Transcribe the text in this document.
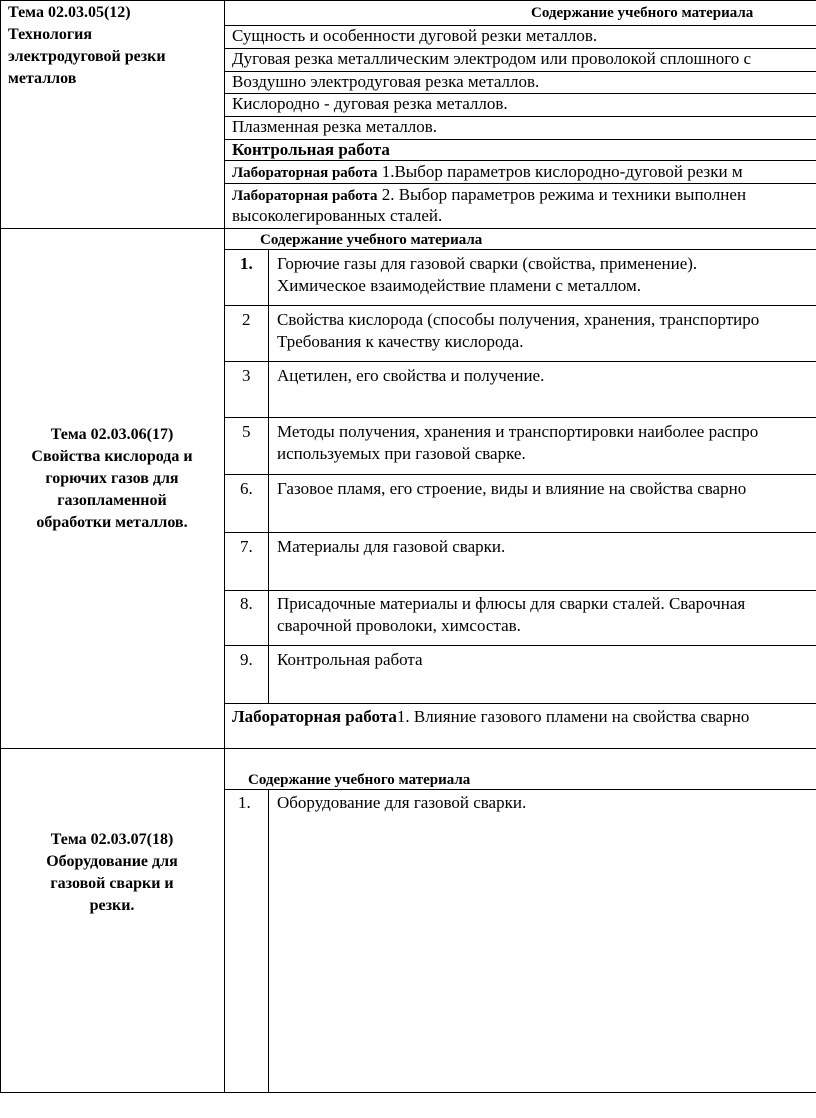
Тема 02.03.05(12)
Технология
электродуговой резки
металлов
Содержание учебного материала
Сущность и особенности дуговой резки металлов.
Дуговая резка металлическим электродом или проволокой сплошного с
Воздушно электродуговая резка металлов.
Кислородно - дуговая резка металлов.
Плазменная резка металлов.
Контрольная работа
Лабораторная работа 1.Выбор параметров кислородно-дуговой резки м
Лабораторная работа 2. Выбор параметров режима и техники выполнен
высоколегированных сталей.
Тема 02.03.06(17)
Свойства кислорода и
горючих газов для
газопламенной
обработки металлов.
Содержание учебного материала
1. Горючие газы для газовой сварки (свойства, применение).
Химическое взаимодействие пламени с металлом.
2 Свойства кислорода (способы получения, хранения, транспортиро
Требования к качеству кислорода.
3 Ацетилен, его свойства и получение.
5 Методы получения, хранения и транспортировки наиболее распро
используемых при газовой сварке.
6. Газовое пламя, его строение, виды и влияние на свойства сварно
7. Материалы для газовой сварки.
8. Присадочные материалы и флюсы для сварки сталей. Сварочная
сварочной проволоки, химсостав.
9. Контрольная работа
Лабораторная работа1. Влияние газового пламени на свойства сварно
Тема 02.03.07(18)
Оборудование для
газовой сварки и
резки.
Содержание учебного материала
1. Оборудование для газовой сварки.
